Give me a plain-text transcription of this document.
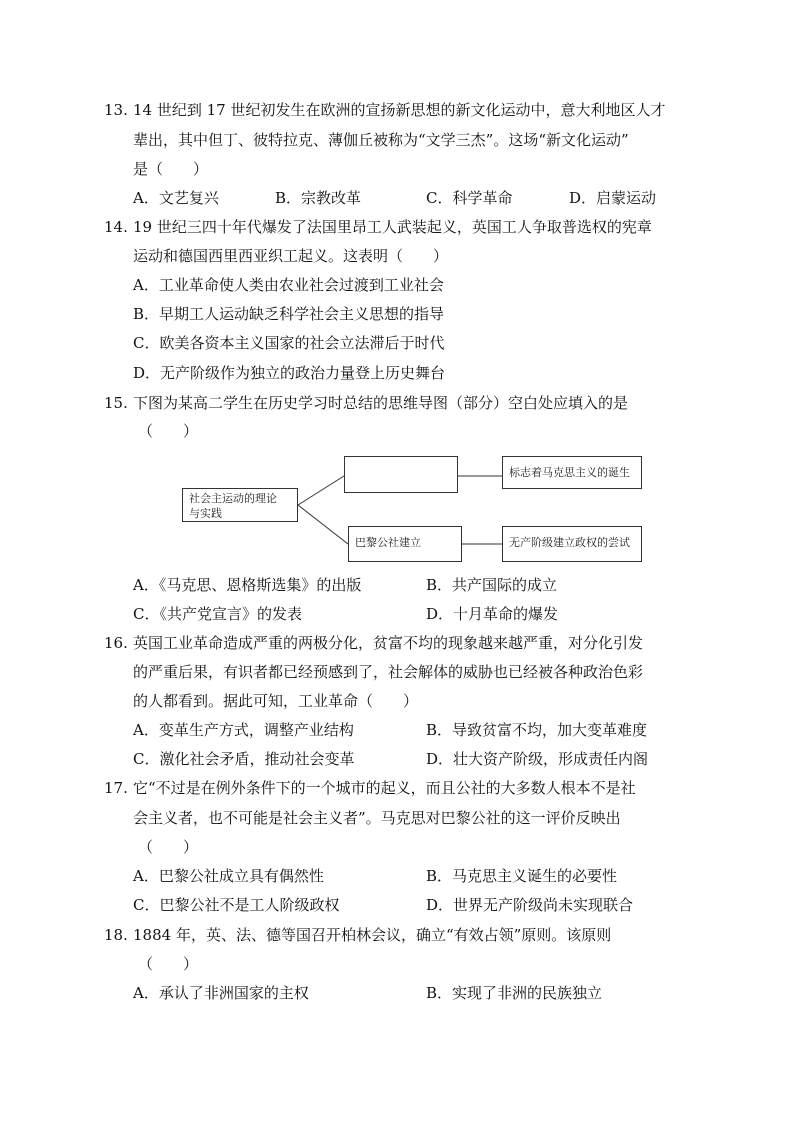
13. 14 世纪到 17 世纪初发生在欧洲的宣扬新思想的新文化运动中，意大利地区人才
辈出，其中但丁、彼特拉克、薄伽丘被称为“文学三杰”。这场“新文化运动”
是（　　）
A．文艺复兴	B．宗教改革	C．科学革命	D．启蒙运动
14. 19 世纪三四十年代爆发了法国里昂工人武装起义，英国工人争取普选权的宪章
运动和德国西里西亚织工起义。这表明（　　）
A．工业革命使人类由农业社会过渡到工业社会
B．早期工人运动缺乏科学社会主义思想的指导
C．欧美各资本主义国家的社会立法滞后于时代
D．无产阶级作为独立的政治力量登上历史舞台
15. 下图为某高二学生在历史学习时总结的思维导图（部分）空白处应填入的是
（　　）
社会主运动的理论
与实践
标志着马克思主义的诞生
巴黎公社建立	无产阶级建立政权的尝试
A．《马克思、恩格斯选集》的出版	B．共产国际的成立
C．《共产党宣言》的发表	D．十月革命的爆发
16. 英国工业革命造成严重的两极分化，贫富不均的现象越来越严重，对分化引发
的严重后果，有识者都已经预感到了，社会解体的威胁也已经被各种政治色彩
的人都看到。据此可知，工业革命（　　）
A．变革生产方式，调整产业结构	B．导致贫富不均，加大变革难度
C．激化社会矛盾，推动社会变革	D．壮大资产阶级，形成责任内阁
17. 它“不过是在例外条件下的一个城市的起义，而且公社的大多数人根本不是社
会主义者，也不可能是社会主义者”。马克思对巴黎公社的这一评价反映出
（　　）
A．巴黎公社成立具有偶然性	B．马克思主义诞生的必要性
C．巴黎公社不是工人阶级政权	D．世界无产阶级尚未实现联合
18. 1884 年，英、法、德等国召开柏林会议，确立“有效占领”原则。该原则
（　　）
A．承认了非洲国家的主权	B．实现了非洲的民族独立
